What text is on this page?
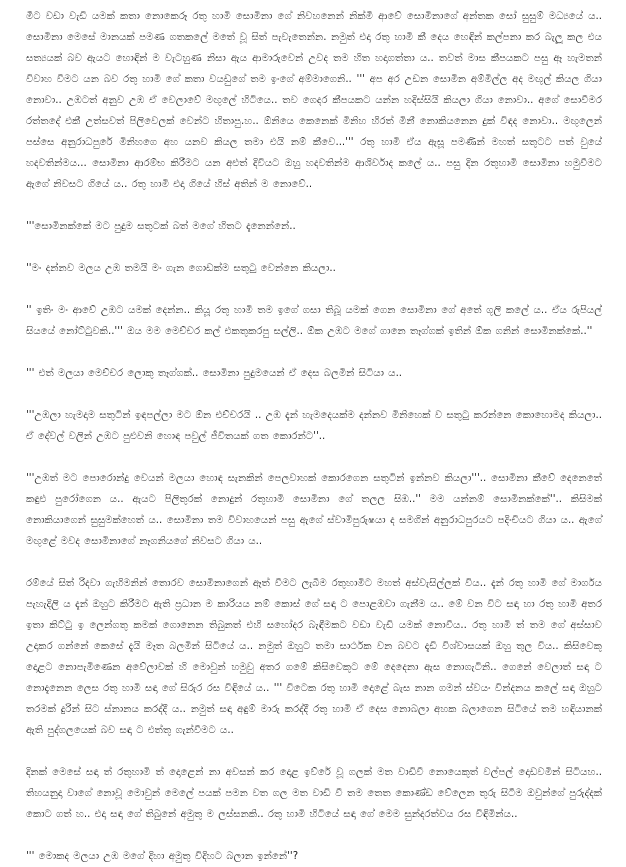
මීට වඩා වැඩි යමක් කතා නොකෙරූ රතු හාමි සොමිනා ගේ නිවහනෙන් නික්මී ආවේ සොමිනාගේ අන්තක සෝ සුසුම් මධ්‍යයේ ය.. සොමිනා මෙසේ මානයක් පමණ ගතකලේ මතේ වූ සිත් පැවැතෙන්න. නමුත් එදා රතු හාමි කී දෙය හෙඳින් කල්පනා කර බැලූ කල එය සත්‍යයක් බව ඇයට හොඳින් ම වැටහුණ නිසා ඇය ආමාරුවෙන් උවද තම හිත හදාගත්තා ය.. තවත් මාස කීපයකට පසු ඈ හැමතන් විවාහ වීමට යන බව රතු හාමි ගේ කතා වයඩුගේ තම ඉංගේ අම්මාගෙනි.. ''' අප අර උඩන සොමින අම්මිල්ල අද මඟුල් කියල ගියා නොවා.. උඹටත් අනුව උඹ ඒ වෙලාවේ මඟුලේ හිටියෙ.. තව ගෙදර කීපයකට යන්න හදිස්සියි කියලා ගියා නොවා.. අගේ සොවීමර රත්තදේ එකී උත්සවත් පිලිවෙලක් වෙන්ට හිතාපු.හ.. ඕනියෙ කෙනෙක් මිනිහ හිරත් මිනී නොකියනෙන දුක් විඳද නොවා.. මඟුලෙන් පස්සෙ අනුරාධපුරේ මිනිහගෙ අහ යනව කියල තමා එයි නම් කීවෙ...''' රතු හාමි ඒය ඇසූ පමණින් මහත් සතුටට පත් වුයේ හදවතින්මය... සොමිනා ආරම්භ කිරීමට යන අළුත් දිවියට ඔහු හදවතින්ම ආශිර්වාද කලේ ය.. පසු දින රතුහාමි සොමිනා හමුවීමට ඇගේ නිවසට ගියේ ය.. රතු හාමි එදා ගියේ හිස් අතින් ම නොවේ..

'''සොමිනක්කේ මට පුදුම සතුටක් බත් මගේ හිතට දැනෙන්නේ..

''මං දන්නව මලය උඹ තමයි මං ගැන ගොඩක්ම සතුටු වෙන්නෙ කියලා..

'' ඉතිං මං ආවේ උඹට යමක් දෙන්න.. කියූ රතු හාමි තම ඉගේ ගසා තිබූ යමක් ගෙන සොමිනා ගේ අතේ ගුලි කලේ ය.. ඒය රුපියල් සියයේ නෝට්ටුවකි..''' ඔය මම මෙච්චර කල් එකතුකරපු සල්ලි.. ඕක උඹට මගේ ගානෙ තෑග්ගක් ඉතින් ඕක ගනින් සොමිනක්කේ..''

''' එත් මලයා මෙච්චර ලොකු තෑග්ගක්.. සොමිනා පුදුමයෙන් ඒ දෙස බලමින් සිටියා ය..

'''උඹලා හැමදාම සතුටින් ඉඳපල්ලා මට ඕන එච්චරයි .. උඹ දැන් හැමදෙයක්ම දන්නව මිනිහෙක් ව සතුටු කරන්නෙ කොහොමද කියලා.. ඒ දේවල් වලින් උඹට පුළුවනි හොඳ පවුල් ජීවිතයක් ගත කොරන්ට''..

'''උඹත් මට පොරොන්දු වෙයන් මලයා හොඳ සැනකින් පෙලවාහක් කොරගෙන සතුටින් ඉන්නව කියලා'''.. සොමිනා කීවේ දෙනෙතේ කඳුළු පුරෝගෙන ය.. ඇයට පිලිතුරක් නොදුන් රතුහාමි සොමිනා ගේ තලල සිඹ..'' මම යන්නම් සොමිනක්කේ''.. කිසිමක් නොකියාගෙන් සුසුමක්හෙත් ය.. සොමිනා තම විවාහයෙන් පසු ඇගේ ස්වාමිපුරුෂයා ද සමගින් අනුරාධපුරයට පදිංචියට ගියා ය.. ඇගේ මඟුළේ මවද සොමිනාගේ නෑගනියගේ නිවසට ගියා ය..

රම්යේ සිත් රිදවා ගැහිමනින් තොරව සොමිනාගෙන් ඈත් වීමට ලැබීම රතුහාමිට මහත් අස්වැසිල්ලක් විය.. දැන් රතු හාමි ගේ මාර්ගය පැහැදිලි ය දැන් ඔහුට කිරීමට ඇති ප්‍රධාන ම කාරියය නම් කොස් ගේ සඳා ට පොළඹවා ගැනීම ය.. මේ වන විට සඳා හා රතු හාමි අතර ඉතා කිට්ටු ඉ ලෙන්ගතු කමක් ගොනෙන තිබුනත් එහි සහෝදර බැඳීමකට වඩා වැඩි යමක් නොවීය.. රතු හාමි ත් තම ගේ අස්සාව උදාකර ගන්නේ කෙසේ දැයි මෑත බලමින් සිටියේ ය.. නමුත් ඔහුට තමා සාර්ථක වන බවට දැඩි විශ්වාසයක් ඔහු තුල විය.. කිසිවෙකු දොළට නොපැමිණෙන අවේලාවක් හි මොවුන් හමුවු අතර ගමේ කිසිවෙකුට මේ දෙදෙනා ඇස නොගැටිනි.. ගෙනේ වෙලාත් සඳා ට නොදැනෙන ලෙස රතු හාමි සඳා ගේ සිරුර රස විඳියේ ය.. ''' විටෙක රතු හාමි දොළේ බැස නාන ගමන් ස්වයං වින්දනය කලේ සඳා ඔහුට තරමක් දුරින් සිට ස්නානය කරද්දී ය.. නමුත් සඳා අඳුම් මාරු කරද්දී රතු හාමි ඒ දෙස නොබලා අහක බලාගෙන සිටියේ තම හඳියානක් ඇති පුද්ගලයෙක් බව සඳා ට එත්තු ගැන්වීමට ය..

දිනක් මෙසේ සඳා ත් රතුහාමි ත් දොළෙන් නා අවසන් කර දොළ ඉව්රේ වූ ගලක් මත වාඩිවී නොයෙකුත් වල්පල් දොඩවමින් සිටියහ.. තිහයනුදා වාගේ නොවූ මොවුන් මෙලේ පයක් පමන වත ගල මත වාඩි වී තම තෙත කොණ්ඩ වේලෙන තුරු සිටීම ඔවුන්ගේ පුරුද්දක් කොට ගත් හ.. එදා සඳා ගේ තිබුනේ අමුතු ම ලස්සනකි.. රතු හාමි හිටියේ සඳා ගේ මෙම සුන්දරත්වය රස විඳිමින්ය..

''' මොකද මලයා උඹ මගේ දිහා අමුතු විදිහට බලාන ඉන්නේ''?
